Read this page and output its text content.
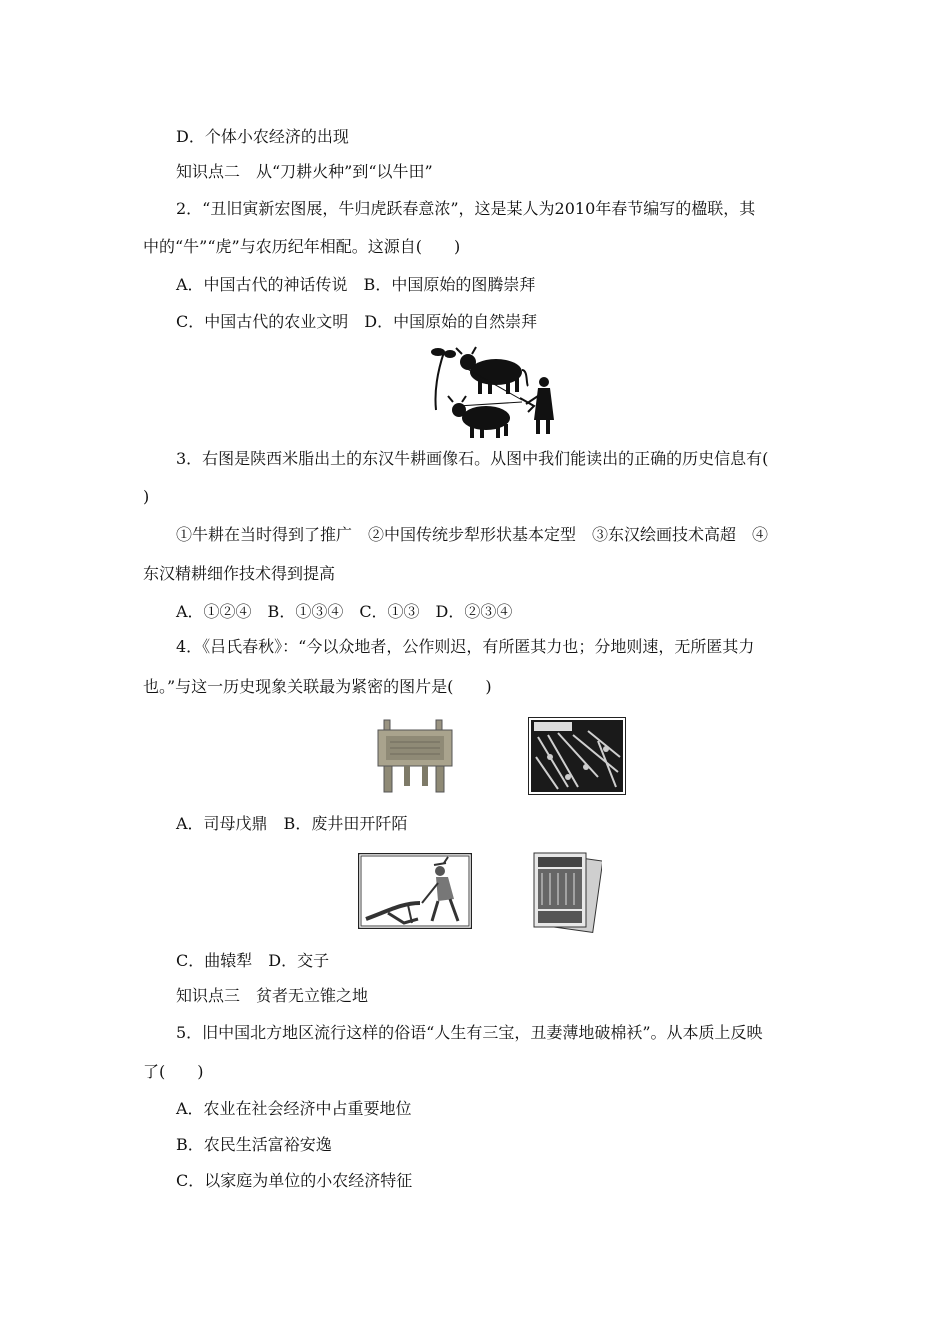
D．个体小农经济的出现
知识点二　从“刀耕火种”到“以牛田”
2．“丑旧寅新宏图展，牛归虎跃春意浓”，这是某人为2010年春节编写的楹联，其
中的“牛”“虎”与农历纪年相配。这源自(　　)
A．中国古代的神话传说　B．中国原始的图腾崇拜
C．中国古代的农业文明　D．中国原始的自然崇拜
3．右图是陕西米脂出土的东汉牛耕画像石。从图中我们能读出的正确的历史信息有(
)
①牛耕在当时得到了推广　②中国传统步犁形状基本定型　③东汉绘画技术高超　④
东汉精耕细作技术得到提高
A．①②④　B．①③④　C．①③　D．②③④
4．《吕氏春秋》：“今以众地者，公作则迟，有所匿其力也；分地则速，无所匿其力
也。”与这一历史现象关联最为紧密的图片是(　　)
A．司母戊鼎　B．废井田开阡陌
C．曲辕犁　D．交子
知识点三　贫者无立锥之地
5．旧中国北方地区流行这样的俗语“人生有三宝，丑妻薄地破棉袄”。从本质上反映
了(　　)
A．农业在社会经济中占重要地位
B．农民生活富裕安逸
C．以家庭为单位的小农经济特征
